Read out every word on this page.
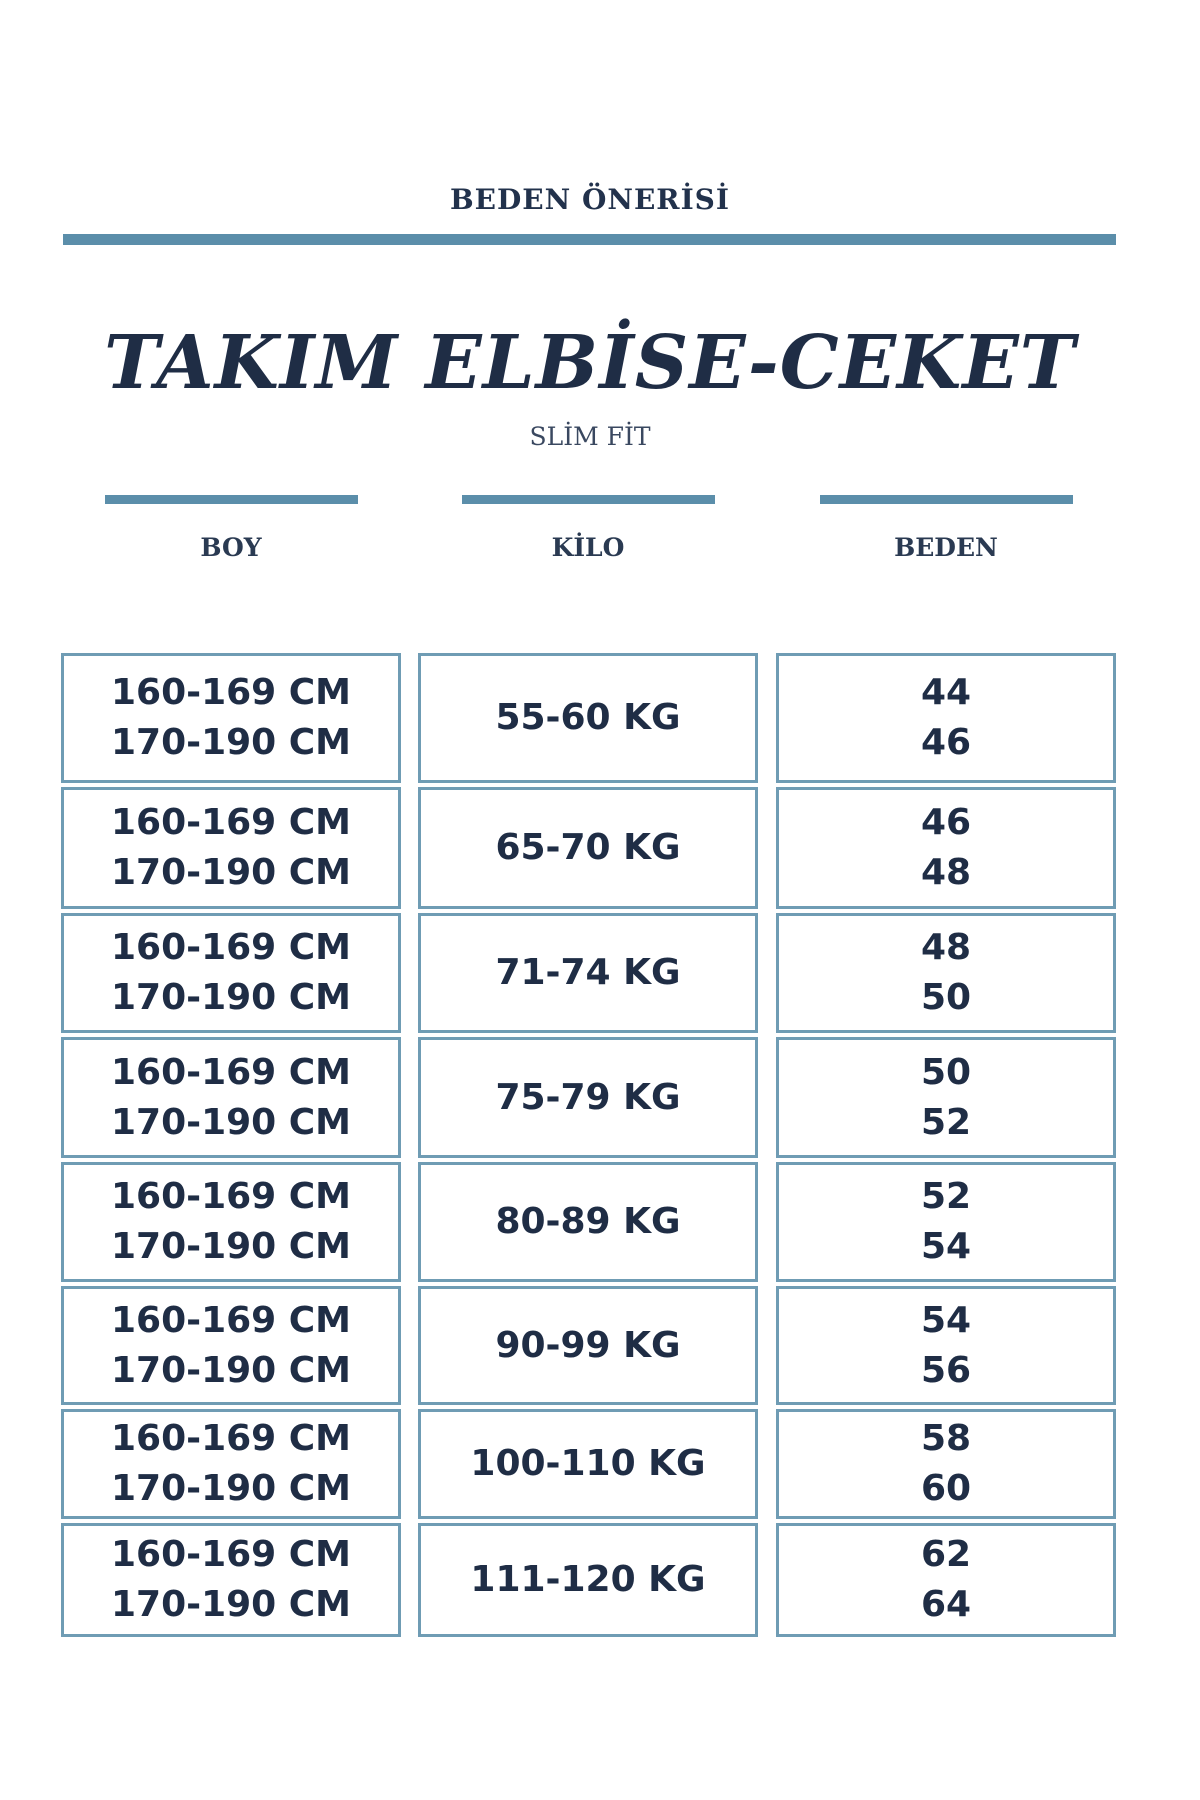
BEDEN ÖNERİSİ
TAKIM ELBİSE-CEKET
SLİM FİT
BOY	KİLO	BEDEN
160-169 CM
170-190 CM
55-60 KG
44
46
160-169 CM
170-190 CM
65-70 KG
46
48
160-169 CM
170-190 CM
71-74 KG
48
50
160-169 CM
170-190 CM
75-79 KG
50
52
160-169 CM
170-190 CM
80-89 KG
52
54
160-169 CM
170-190 CM
90-99 KG
54
56
160-169 CM
170-190 CM
100-110 KG
58
60
160-169 CM
170-190 CM
111-120 KG
62
64
